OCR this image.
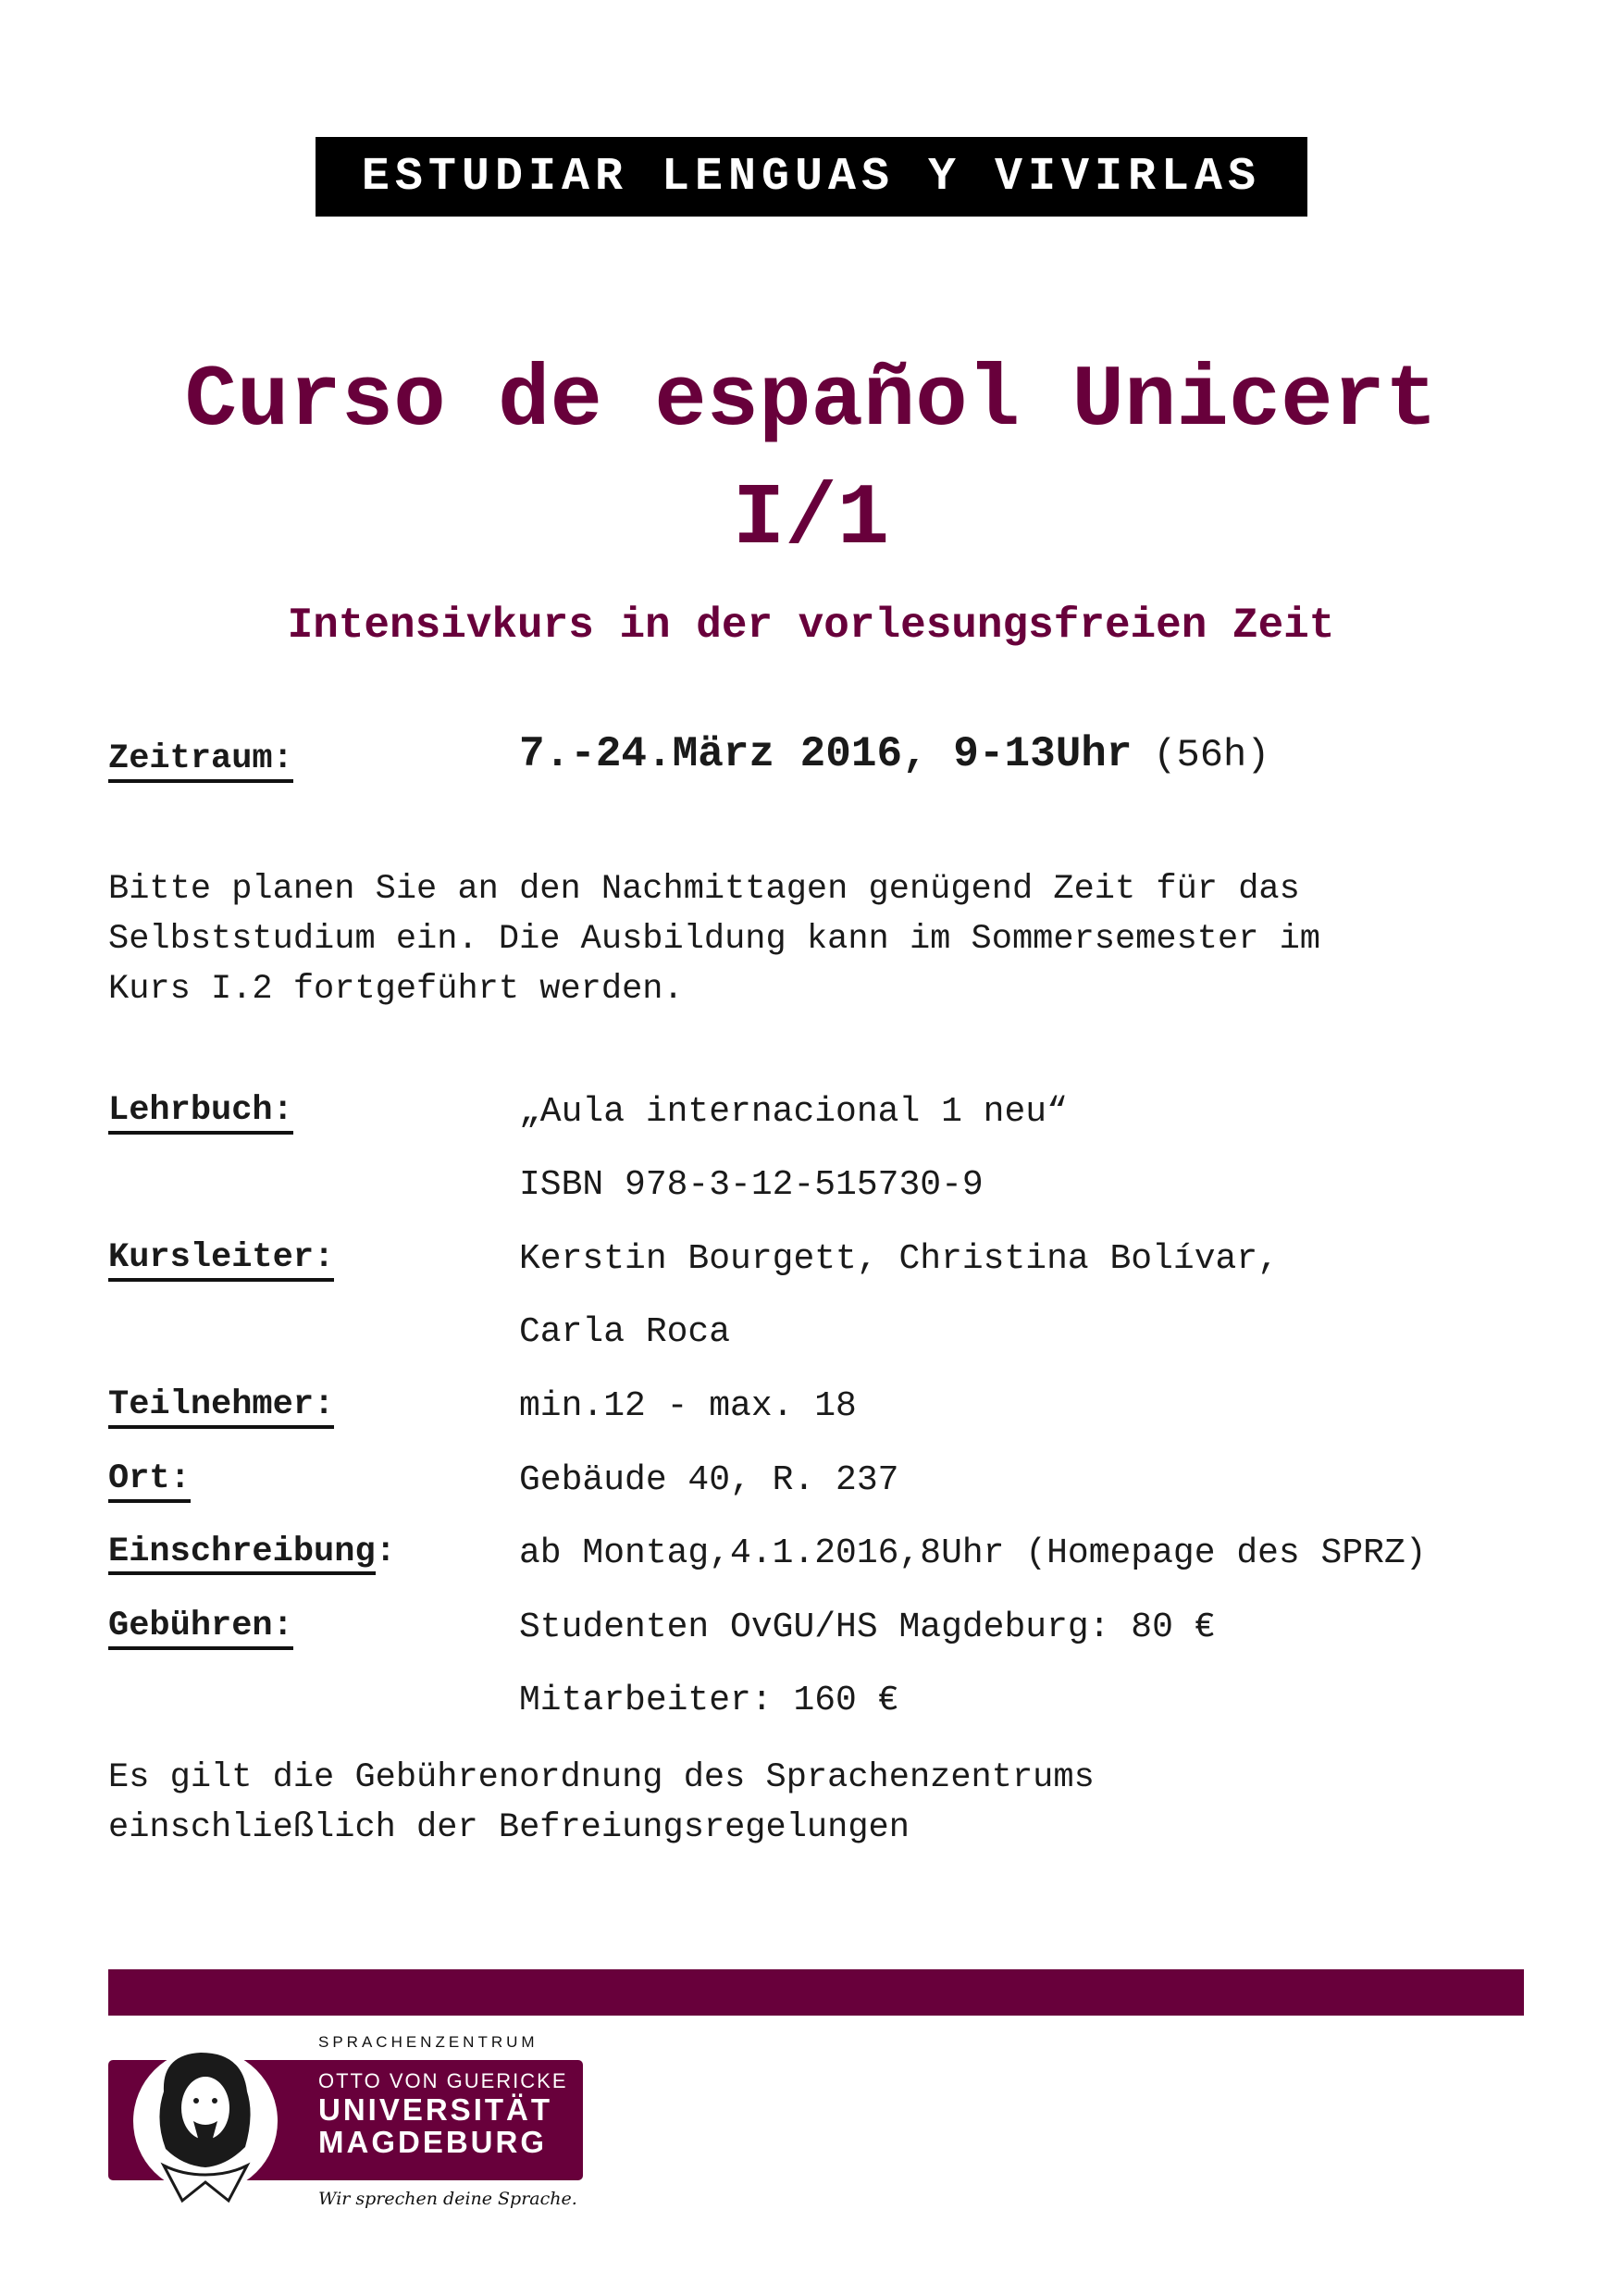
ESTUDIAR LENGUAS Y VIVIRLAS
Curso de español Unicert
I/1
Intensivkurs in der vorlesungsfreien Zeit
Zeitraum:	7.-24.März 2016, 9-13Uhr (56h)
Bitte planen Sie an den Nachmittagen genügend Zeit für das
Selbststudium ein. Die Ausbildung kann im Sommersemester im
Kurs I.2 fortgeführt werden.
Lehrbuch:	„Aula internacional 1 neu“
ISBN 978-3-12-515730-9
Kursleiter:	Kerstin Bourgett, Christina Bolívar,
Carla Roca
Teilnehmer:	min.12 - max. 18
Ort:	Gebäude 40, R. 237
Einschreibung:	ab Montag,4.1.2016,8Uhr (Homepage des SPRZ)
Gebühren:	Studenten OvGU/HS Magdeburg: 80 €
Mitarbeiter: 160 €
Es gilt die Gebührenordnung des Sprachenzentrums
einschließlich der Befreiungsregelungen
SPRACHENZENTRUM
OTTO VON GUERICKE
UNIVERSITÄT
MAGDEBURG
Wir sprechen deine Sprache.
